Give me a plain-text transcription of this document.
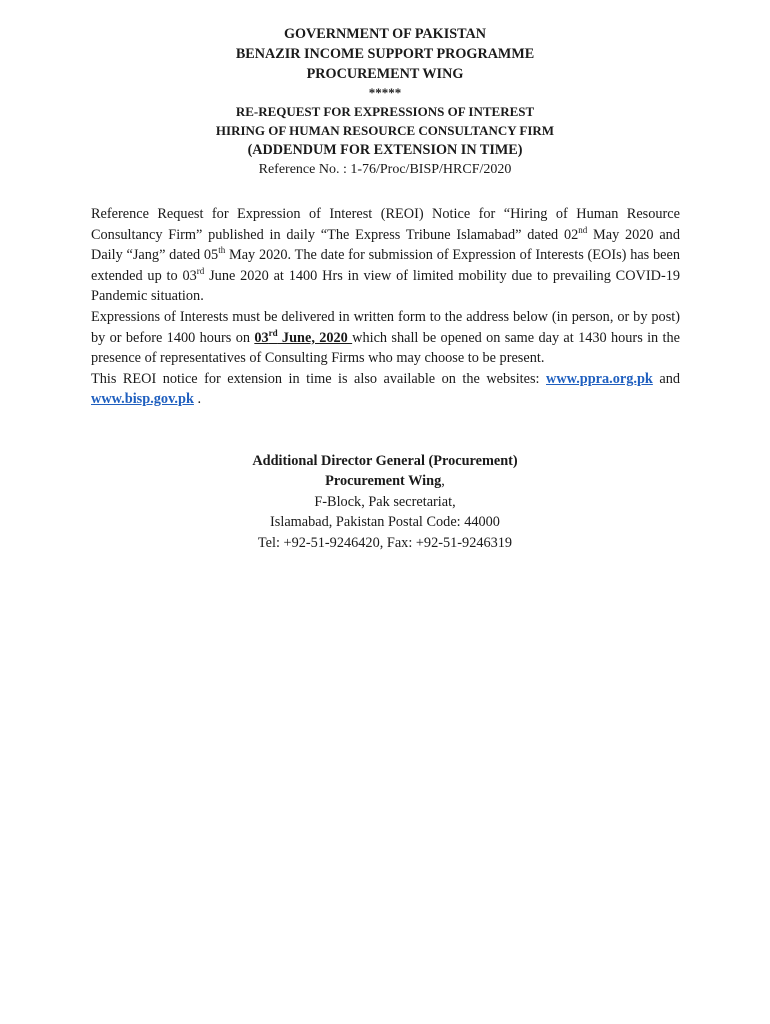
GOVERNMENT OF PAKISTAN
BENAZIR INCOME SUPPORT PROGRAMME
PROCUREMENT WING
*****
RE-REQUEST FOR EXPRESSIONS OF INTEREST
HIRING OF HUMAN RESOURCE CONSULTANCY FIRM
(ADDENDUM FOR EXTENSION IN TIME)
Reference No. : 1-76/Proc/BISP/HRCF/2020

Reference Request for Expression of Interest (REOI) Notice for “Hiring of Human Resource Consultancy Firm” published in daily “The Express Tribune Islamabad” dated 02nd May 2020 and Daily “Jang” dated 05th May 2020. The date for submission of Expression of Interests (EOIs) has been extended up to 03rd June 2020 at 1400 Hrs in view of limited mobility due to prevailing COVID-19 Pandemic situation.

Expressions of Interests must be delivered in written form to the address below (in person, or by post) by or before 1400 hours on 03rd June, 2020 which shall be opened on same day at 1430 hours in the presence of representatives of Consulting Firms who may choose to be present.

This REOI notice for extension in time is also available on the websites: www.ppra.org.pk and www.bisp.gov.pk .

Additional Director General (Procurement)
Procurement Wing,
F-Block, Pak secretariat,
Islamabad, Pakistan Postal Code: 44000
Tel: +92-51-9246420, Fax: +92-51-9246319
